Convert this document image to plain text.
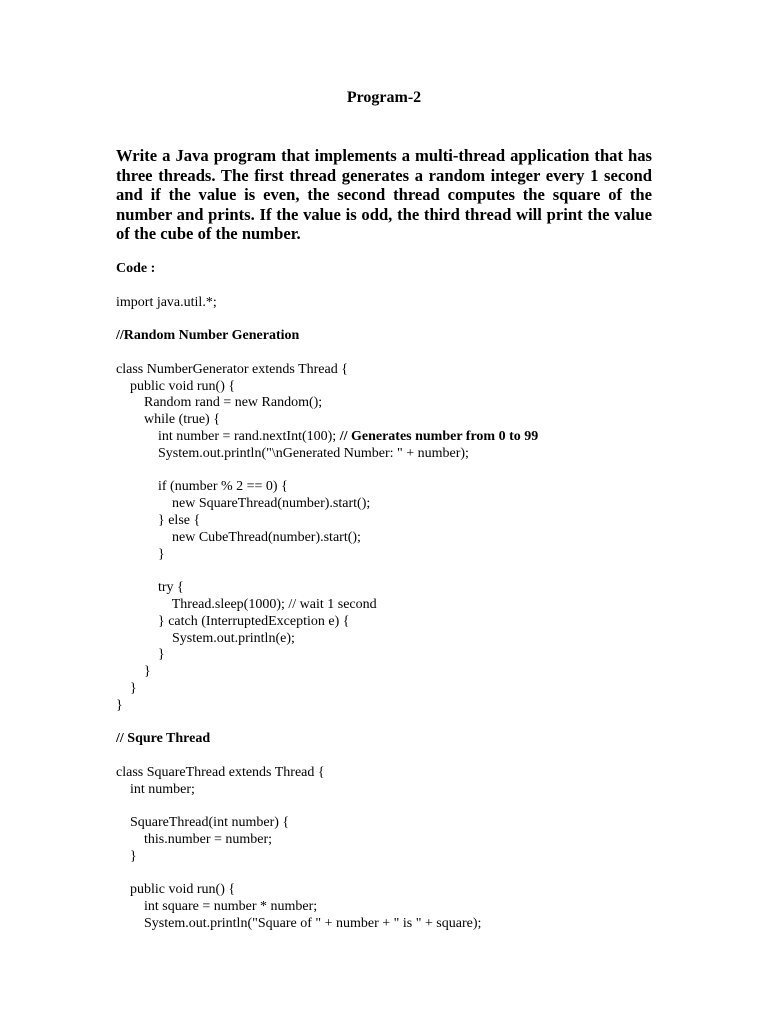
Program-2

Write a Java program that implements a multi-thread application that has three threads. The first thread generates a random integer every 1 second and if the value is even, the second thread computes the square of the number and prints. If the value is odd, the third thread will print the value of the cube of the number.

Code :
import java.util.*;
//Random Number Generation
class NumberGenerator extends Thread {
public void run() {
Random rand = new Random();
while (true) {
int number = rand.nextInt(100); // Generates number from 0 to 99
System.out.println("\nGenerated Number: " + number);
if (number % 2 == 0) {
new SquareThread(number).start();
} else {
new CubeThread(number).start();
}
try {
Thread.sleep(1000); // wait 1 second
} catch (InterruptedException e) {
System.out.println(e);
}
}
}
}
// Squre Thread
class SquareThread extends Thread {
int number;
SquareThread(int number) {
this.number = number;
}
public void run() {
int square = number * number;
System.out.println("Square of " + number + " is " + square);
